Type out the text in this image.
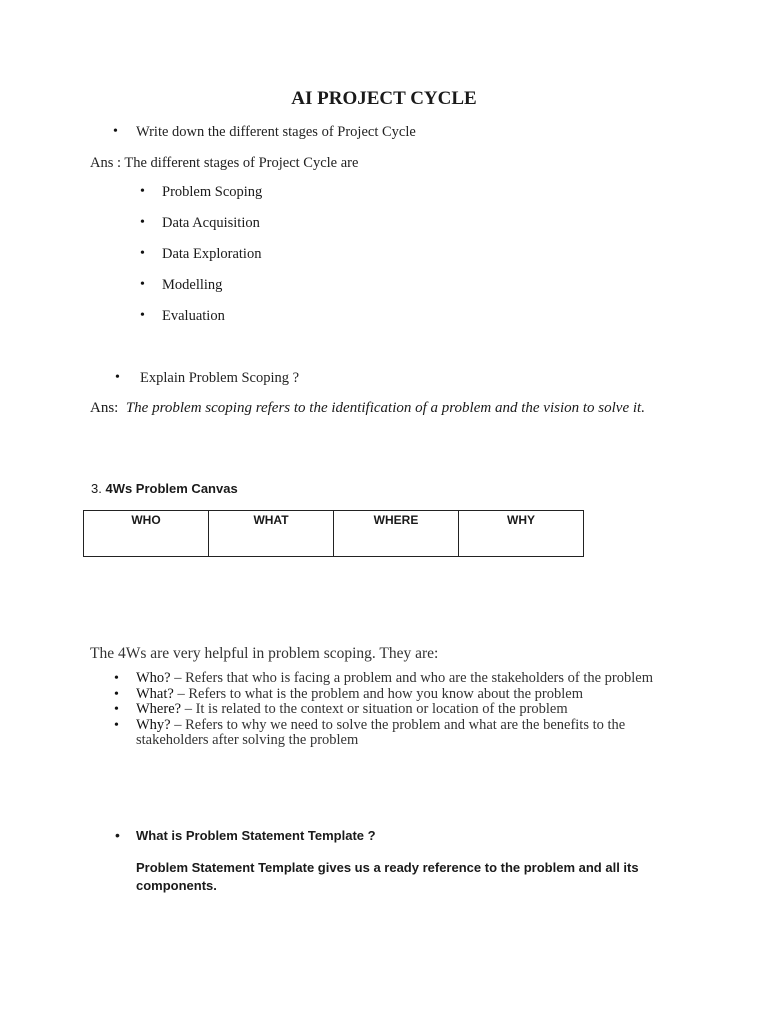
AI PROJECT CYCLE
• Write down the different stages of Project Cycle
Ans : The different stages of Project Cycle are
• Problem Scoping
• Data Acquisition
• Data Exploration
• Modelling
• Evaluation
• Explain Problem Scoping ?
Ans: The problem scoping refers to the identification of a problem and the vision to solve it.
3. 4Ws Problem Canvas
WHO	WHAT	WHERE	WHY
The 4Ws are very helpful in problem scoping. They are:
• Who? – Refers that who is facing a problem and who are the stakeholders of the problem
• What? – Refers to what is the problem and how you know about the problem
• Where? – It is related to the context or situation or location of the problem
• Why? – Refers to why we need to solve the problem and what are the benefits to the stakeholders after solving the problem
• What is Problem Statement Template ?
Problem Statement Template gives us a ready reference to the problem and all its components.
